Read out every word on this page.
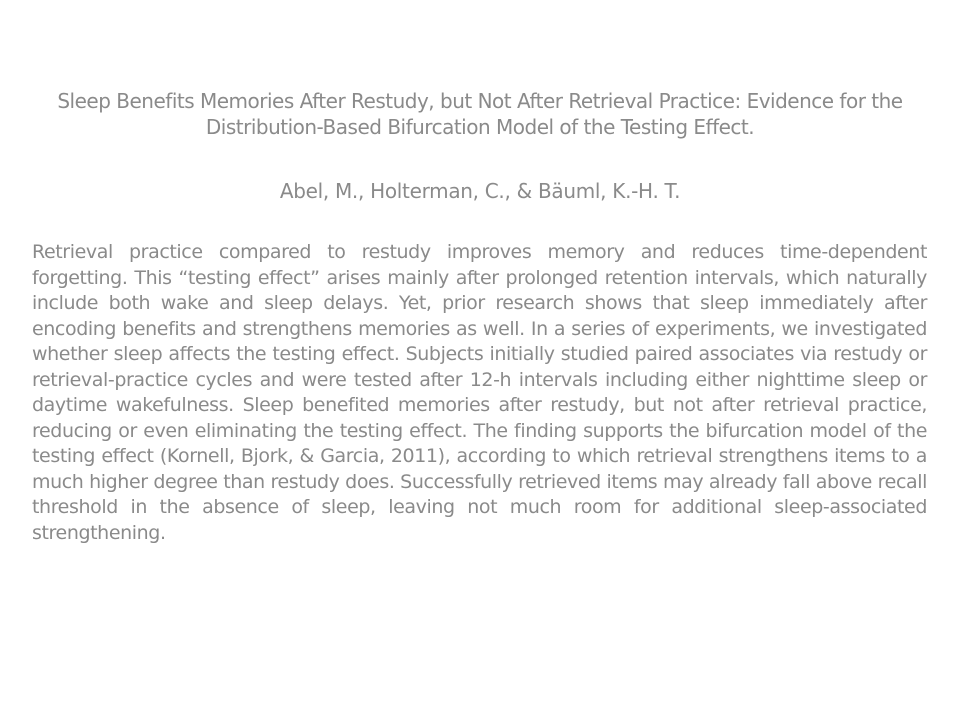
Sleep Benefits Memories After Restudy, but Not After Retrieval Practice: Evidence for the Distribution-Based Bifurcation Model of the Testing Effect.

Abel, M., Holterman, C., & Bäuml, K.-H. T.

Retrieval practice compared to restudy improves memory and reduces time-dependent forgetting. This “testing effect” arises mainly after prolonged retention intervals, which naturally include both wake and sleep delays. Yet, prior research shows that sleep immediately after encoding benefits and strengthens memories as well. In a series of experiments, we investigated whether sleep affects the testing effect. Subjects initially studied paired associates via restudy or retrieval-practice cycles and were tested after 12-h intervals including either nighttime sleep or daytime wakefulness. Sleep benefited memories after restudy, but not after retrieval practice, reducing or even eliminating the testing effect. The finding supports the bifurcation model of the testing effect (Kornell, Bjork, & Garcia, 2011), according to which retrieval strengthens items to a much higher degree than restudy does. Successfully retrieved items may already fall above recall threshold in the absence of sleep, leaving not much room for additional sleep-associated strengthening.
